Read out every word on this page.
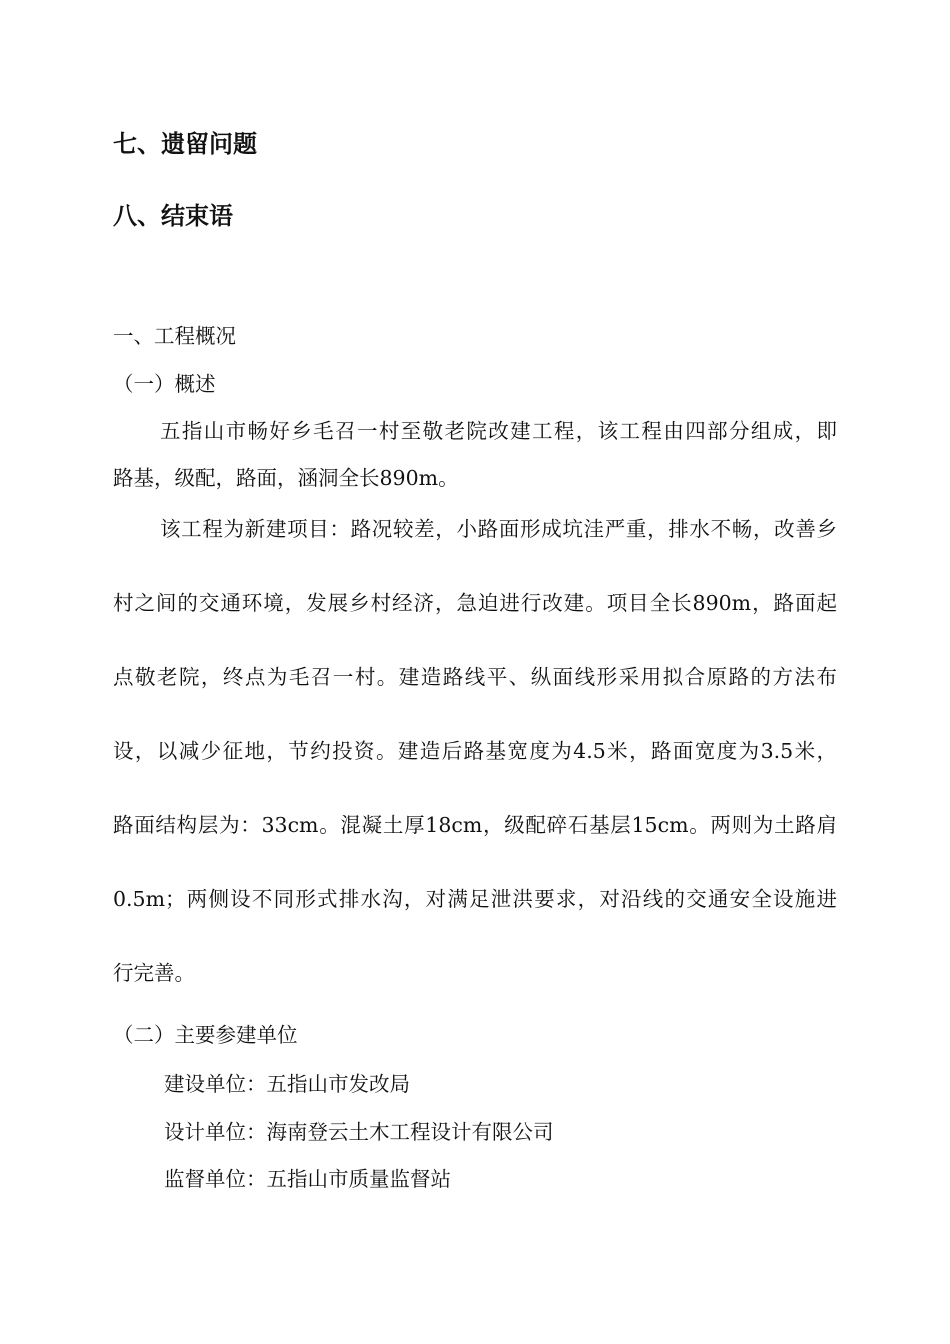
七、遗留问题
八、结束语
一、工程概况
（一）概述
五指山市畅好乡毛召一村至敬老院改建工程，该工程由四部分组成，即
路基，级配，路面，涵洞全长890m。
该工程为新建项目：路况较差，小路面形成坑洼严重，排水不畅，改善乡
村之间的交通环境，发展乡村经济，急迫进行改建。项目全长890m，路面起
点敬老院，终点为毛召一村。建造路线平、纵面线形采用拟合原路的方法布
设，以减少征地，节约投资。建造后路基宽度为4.5米，路面宽度为3.5米，
路面结构层为：33cm。混凝土厚18cm，级配碎石基层15cm。两则为土路肩
0.5m；两侧设不同形式排水沟，对满足泄洪要求，对沿线的交通安全设施进
行完善。
（二）主要参建单位
建设单位：五指山市发改局
设计单位：海南登云土木工程设计有限公司
监督单位：五指山市质量监督站
